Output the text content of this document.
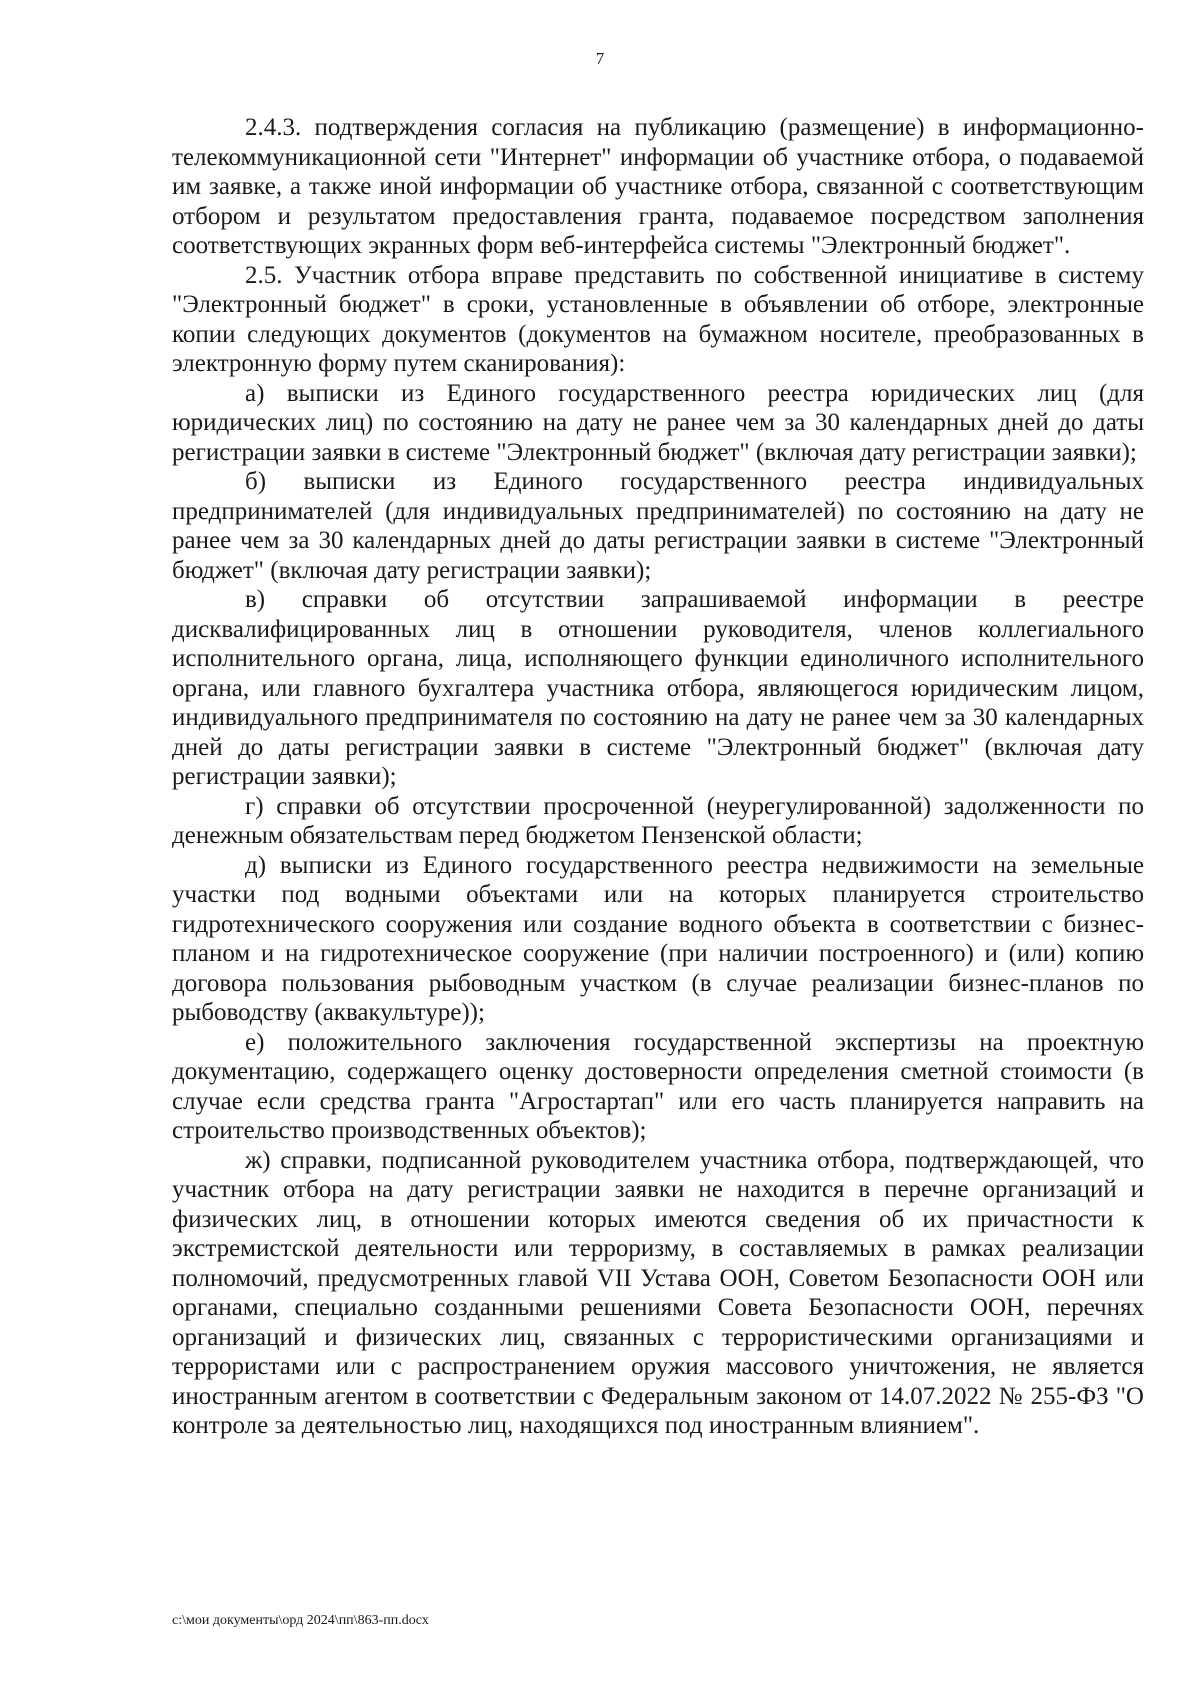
7

2.4.3. подтверждения согласия на публикацию (размещение) в информационно-телекоммуникационной сети "Интернет" информации об участнике отбора, о подаваемой им заявке, а также иной информации об участнике отбора, связанной с соответствующим отбором и результатом предоставления гранта, подаваемое посредством заполнения соответствующих экранных форм веб-интерфейса системы "Электронный бюджет".

2.5. Участник отбора вправе представить по собственной инициативе в систему "Электронный бюджет" в сроки, установленные в объявлении об отборе, электронные копии следующих документов (документов на бумажном носителе, преобразованных в электронную форму путем сканирования):

а) выписки из Единого государственного реестра юридических лиц (для юридических лиц) по состоянию на дату не ранее чем за 30 календарных дней до даты регистрации заявки в системе "Электронный бюджет" (включая дату регистрации заявки);

б) выписки из Единого государственного реестра индивидуальных предпринимателей (для индивидуальных предпринимателей) по состоянию на дату не ранее чем за 30 календарных дней до даты регистрации заявки в системе "Электронный бюджет" (включая дату регистрации заявки);

в) справки об отсутствии запрашиваемой информации в реестре дисквалифицированных лиц в отношении руководителя, членов коллегиального исполнительного органа, лица, исполняющего функции единоличного исполнительного органа, или главного бухгалтера участника отбора, являющегося юридическим лицом, индивидуального предпринимателя по состоянию на дату не ранее чем за 30 календарных дней до даты регистрации заявки в системе "Электронный бюджет" (включая дату регистрации заявки);

г) справки об отсутствии просроченной (неурегулированной) задолженности по денежным обязательствам перед бюджетом Пензенской области;

д) выписки из Единого государственного реестра недвижимости на земельные участки под водными объектами или на которых планируется строительство гидротехнического сооружения или создание водного объекта в соответствии с бизнес-планом и на гидротехническое сооружение (при наличии построенного) и (или) копию договора пользования рыбоводным участком (в случае реализации бизнес-планов по рыбоводству (аквакультуре));

е) положительного заключения государственной экспертизы на проектную документацию, содержащего оценку достоверности определения сметной стоимости (в случае если средства гранта "Агростартап" или его часть планируется направить на строительство производственных объектов);

ж) справки, подписанной руководителем участника отбора, подтверждающей, что участник отбора на дату регистрации заявки не находится в перечне организаций и физических лиц, в отношении которых имеются сведения об их причастности к экстремистской деятельности или терроризму, в составляемых в рамках реализации полномочий, предусмотренных главой VII Устава ООН, Советом Безопасности ООН или органами, специально созданными решениями Совета Безопасности ООН, перечнях организаций и физических лиц, связанных с террористическими организациями и террористами или с распространением оружия массового уничтожения, не является иностранным агентом в соответствии с Федеральным законом от 14.07.2022 № 255-ФЗ "О контроле за деятельностью лиц, находящихся под иностранным влиянием".

с:\мои документы\орд 2024\пп\863-пп.docx
